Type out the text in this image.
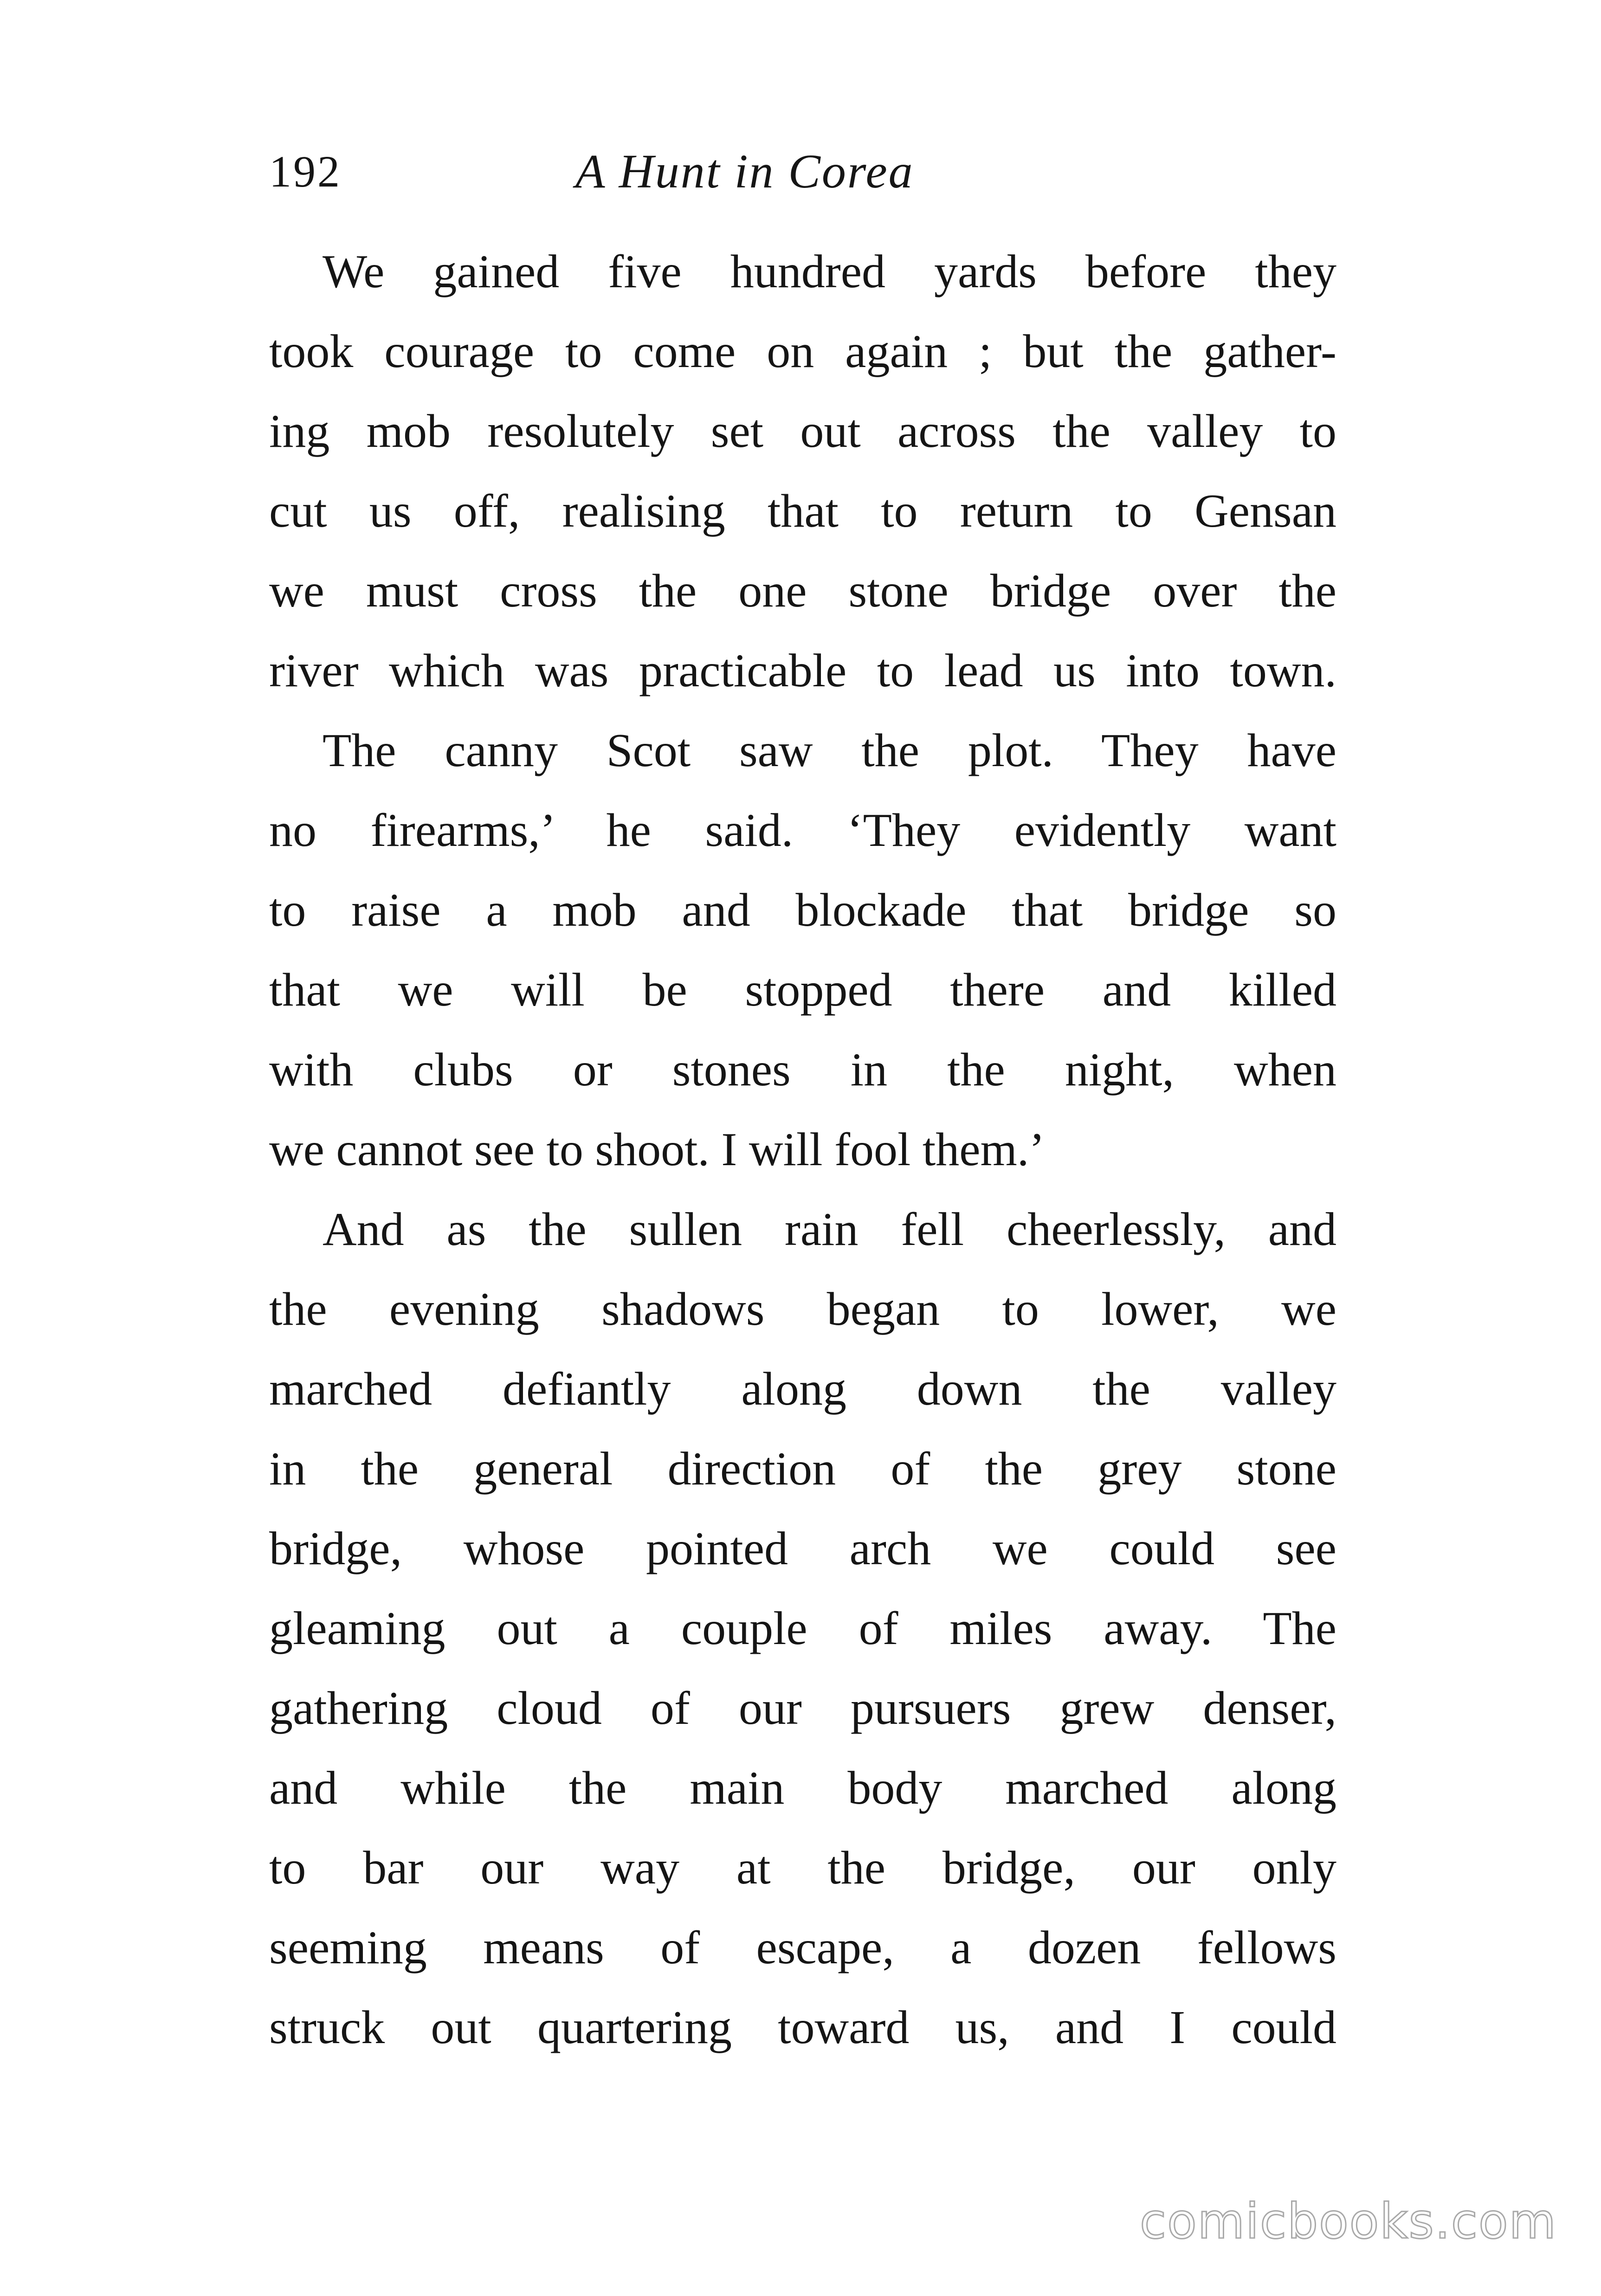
192	A Hunt in Corea
We gained five hundred yards before they
took courage to come on again ; but the gather-
ing mob resolutely set out across the valley to
cut us off, realising that to return to Gensan
we must cross the one stone bridge over the
river which was practicable to lead us into town.
The canny Scot saw the plot. They have
no firearms,’ he said. ‘They evidently want
to raise a mob and blockade that bridge so
that we will be stopped there and killed
with clubs or stones in the night, when
we cannot see to shoot. I will fool them.’
And as the sullen rain fell cheerlessly, and
the evening shadows began to lower, we
marched defiantly along down the valley
in the general direction of the grey stone
bridge, whose pointed arch we could see
gleaming out a couple of miles away. The
gathering cloud of our pursuers grew denser,
and while the main body marched along
to bar our way at the bridge, our only
seeming means of escape, a dozen fellows
struck out quartering toward us, and I could
comicbooks.com
